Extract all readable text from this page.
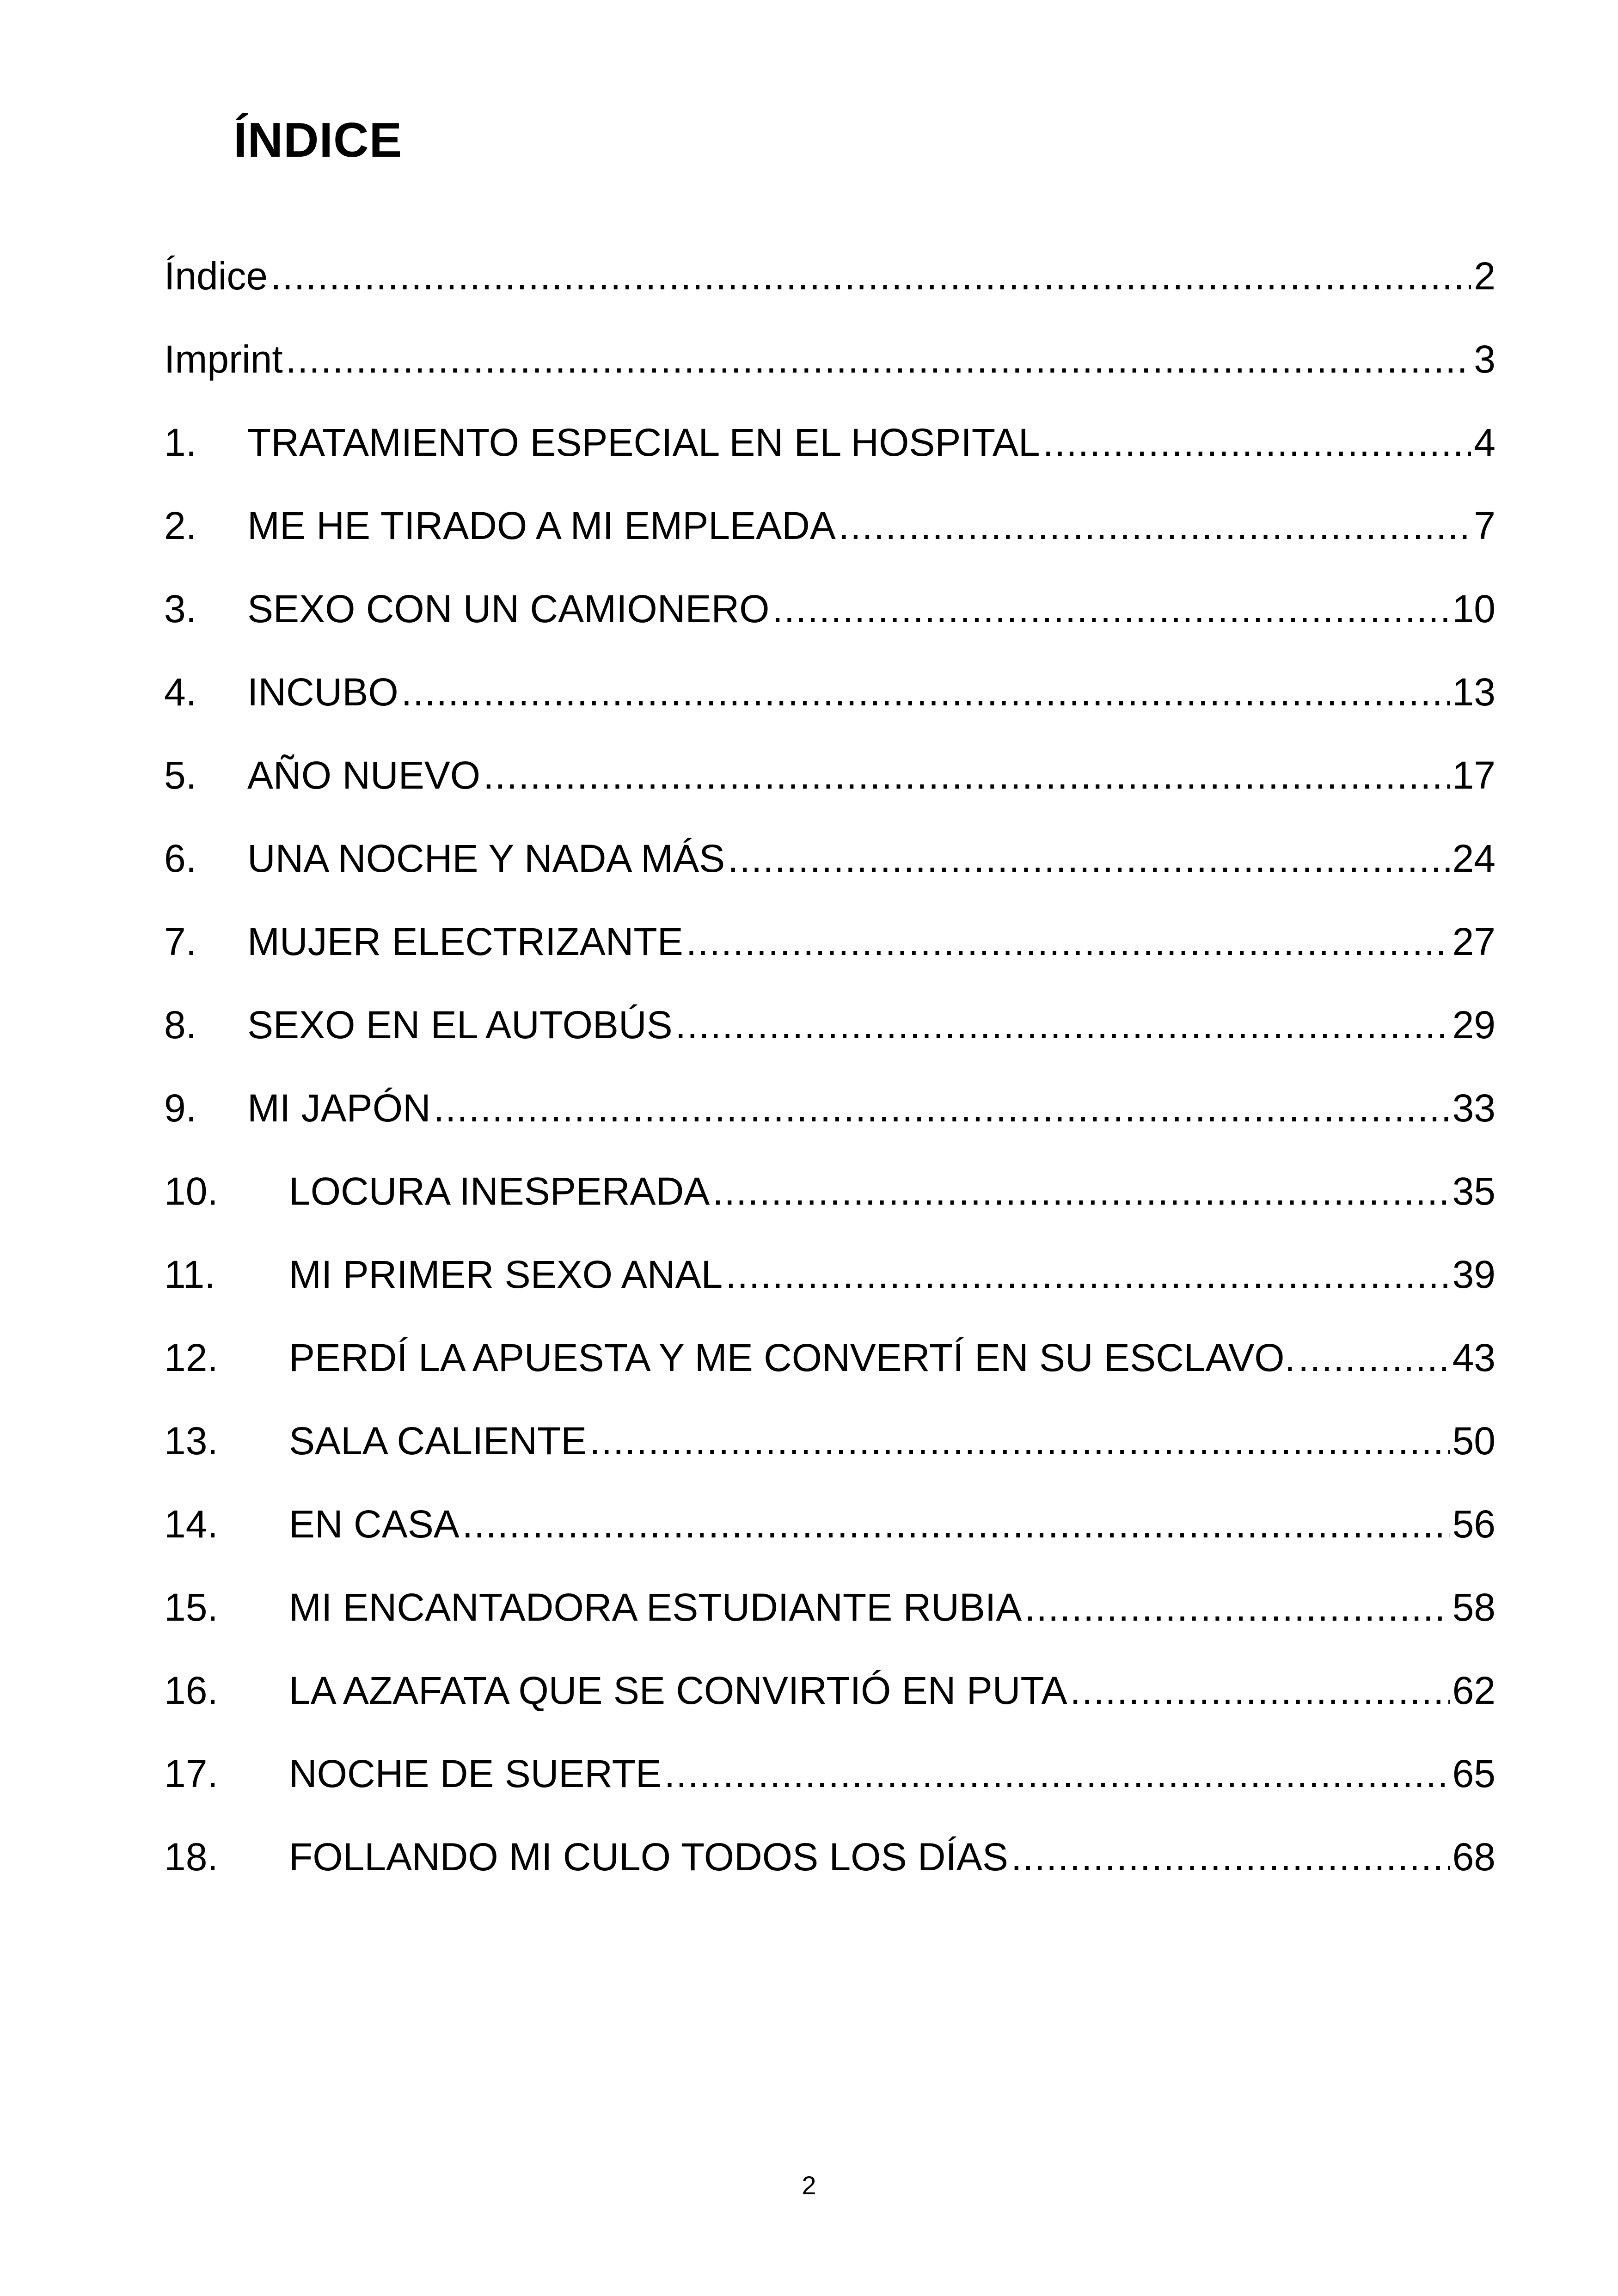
ÍNDICE
Índice .....	2
Imprint .....	3
1.	TRATAMIENTO ESPECIAL EN EL HOSPITAL .....	4
2.	ME HE TIRADO A MI EMPLEADA .....	7
3.	SEXO CON UN CAMIONERO .....	10
4.	INCUBO .....	13
5.	AÑO NUEVO .....	17
6.	UNA NOCHE Y NADA MÁS .....	24
7.	MUJER ELECTRIZANTE .....	27
8.	SEXO EN EL AUTOBÚS .....	29
9.	MI JAPÓN .....	33
10.	LOCURA INESPERADA .....	35
11.	MI PRIMER SEXO ANAL .....	39
12.	PERDÍ LA APUESTA Y ME CONVERTÍ EN SU ESCLAVO. .....	43
13.	SALA CALIENTE .....	50
14.	EN CASA .....	56
15.	MI ENCANTADORA ESTUDIANTE RUBIA .....	58
16.	LA AZAFATA QUE SE CONVIRTIÓ EN PUTA .....	62
17.	NOCHE DE SUERTE .....	65
18.	FOLLANDO MI CULO TODOS LOS DÍAS .....	68
2
